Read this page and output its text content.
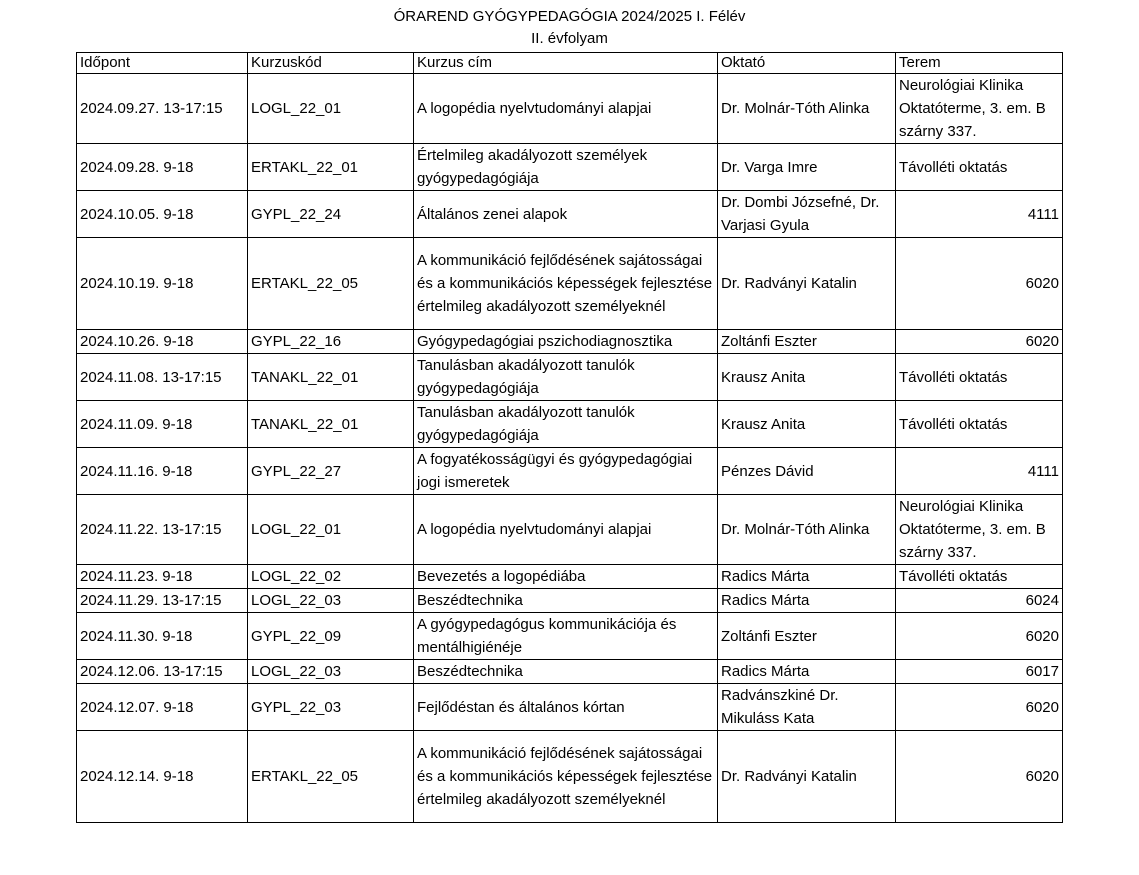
ÓRAREND GYÓGYPEDAGÓGIA 2024/2025 I. Félév
II. évfolyam
Időpont	Kurzuskód	Kurzus cím	Oktató	Terem
2024.09.27. 13-17:15	LOGL_22_01	A logopédia nyelvtudományi alapjai	Dr. Molnár-Tóth Alinka	Neurológiai Klinika Oktatóterme, 3. em. B szárny 337.
2024.09.28. 9-18	ERTAKL_22_01	Értelmileg akadályozott személyek gyógypedagógiája	Dr. Varga Imre	Távolléti oktatás
2024.10.05. 9-18	GYPL_22_24	Általános zenei alapok	Dr. Dombi Józsefné, Dr. Varjasi Gyula	4111
2024.10.19. 9-18	ERTAKL_22_05	A kommunikáció fejlődésének sajátosságai és a kommunikációs képességek fejlesztése értelmileg akadályozott személyeknél	Dr. Radványi Katalin	6020
2024.10.26. 9-18	GYPL_22_16	Gyógypedagógiai pszichodiagnosztika	Zoltánfi Eszter	6020
2024.11.08. 13-17:15	TANAKL_22_01	Tanulásban akadályozott tanulók gyógypedagógiája	Krausz Anita	Távolléti oktatás
2024.11.09. 9-18	TANAKL_22_01	Tanulásban akadályozott tanulók gyógypedagógiája	Krausz Anita	Távolléti oktatás
2024.11.16. 9-18	GYPL_22_27	A fogyatékosságügyi és gyógypedagógiai jogi ismeretek	Pénzes Dávid	4111
2024.11.22. 13-17:15	LOGL_22_01	A logopédia nyelvtudományi alapjai	Dr. Molnár-Tóth Alinka	Neurológiai Klinika Oktatóterme, 3. em. B szárny 337.
2024.11.23. 9-18	LOGL_22_02	Bevezetés a logopédiába	Radics Márta	Távolléti oktatás
2024.11.29. 13-17:15	LOGL_22_03	Beszédtechnika	Radics Márta	6024
2024.11.30. 9-18	GYPL_22_09	A gyógypedagógus kommunikációja és mentálhigiénéje	Zoltánfi Eszter	6020
2024.12.06. 13-17:15	LOGL_22_03	Beszédtechnika	Radics Márta	6017
2024.12.07. 9-18	GYPL_22_03	Fejlődéstan és általános kórtan	Radvánszkiné Dr. Mikuláss Kata	6020
2024.12.14. 9-18	ERTAKL_22_05	A kommunikáció fejlődésének sajátosságai és a kommunikációs képességek fejlesztése értelmileg akadályozott személyeknél	Dr. Radványi Katalin	6020
